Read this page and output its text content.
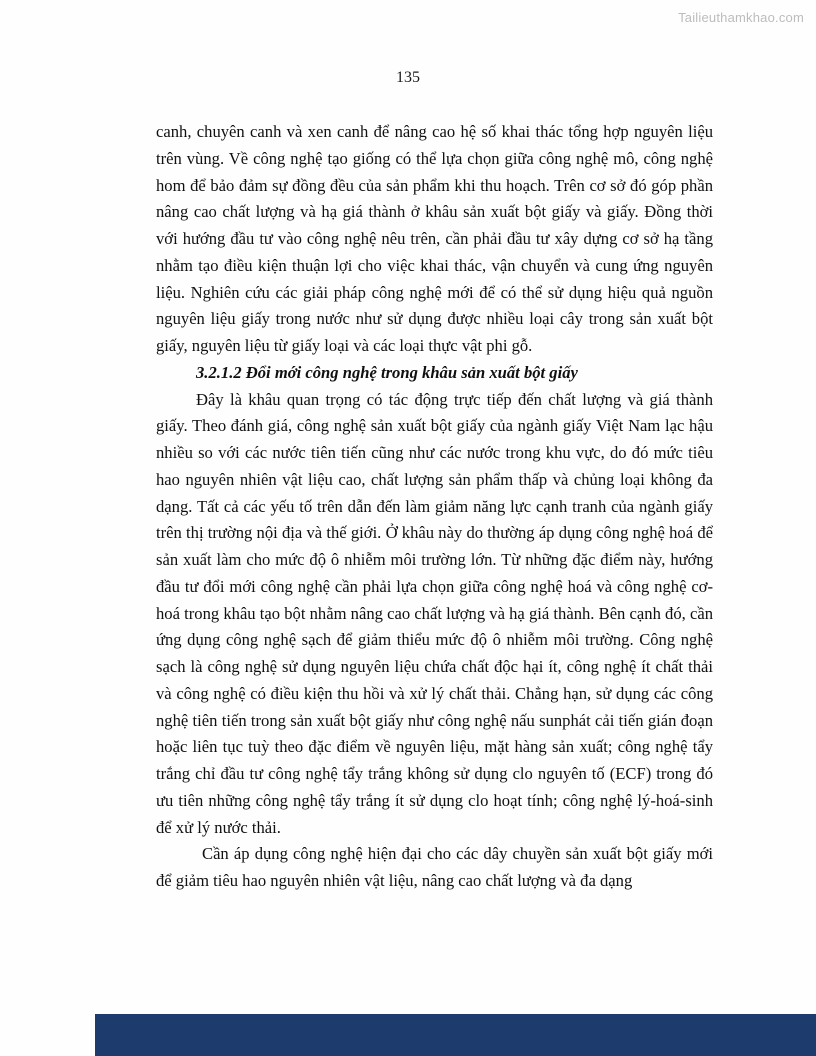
Tailieuthamkhao.com
135

canh, chuyên canh và xen canh để nâng cao hệ số khai thác tổng hợp nguyên liệu trên vùng. Về công nghệ tạo giống có thể lựa chọn giữa công nghệ mô, công nghệ hom để bảo đảm sự đồng đều của sản phẩm khi thu hoạch. Trên cơ sở đó góp phần nâng cao chất lượng và hạ giá thành ở khâu sản xuất bột giấy và giấy. Đồng thời với hướng đầu tư vào công nghệ nêu trên, cần phải đầu tư xây dựng cơ sở hạ tầng nhằm tạo điều kiện thuận lợi cho việc khai thác, vận chuyển và cung ứng nguyên liệu. Nghiên cứu các giải pháp công nghệ mới để có thể sử dụng hiệu quả nguồn nguyên liệu giấy trong nước như sử dụng được nhiều loại cây trong sản xuất bột giấy, nguyên liệu từ giấy loại và các loại thực vật phi gỗ.

3.2.1.2 Đổi mới công nghệ trong khâu sản xuất bột giấy

Đây là khâu quan trọng có tác động trực tiếp đến chất lượng và giá thành giấy. Theo đánh giá, công nghệ sản xuất bột giấy của ngành giấy Việt Nam lạc hậu nhiều so với các nước tiên tiến cũng như các nước trong khu vực, do đó mức tiêu hao nguyên nhiên vật liệu cao, chất lượng sản phẩm thấp và chủng loại không đa dạng. Tất cả các yếu tố trên dẫn đến làm giảm năng lực cạnh tranh của ngành giấy trên thị trường nội địa và thế giới. Ở khâu này do thường áp dụng công nghệ hoá để sản xuất làm cho mức độ ô nhiễm môi trường lớn. Từ những đặc điểm này, hướng đầu tư đổi mới công nghệ cần phải lựa chọn giữa công nghệ hoá và công nghệ cơ-hoá trong khâu tạo bột nhằm nâng cao chất lượng và hạ giá thành. Bên cạnh đó, cần ứng dụng công nghệ sạch để giảm thiểu mức độ ô nhiễm môi trường. Công nghệ sạch là công nghệ sử dụng nguyên liệu chứa chất độc hại ít, công nghệ ít chất thải và công nghệ có điều kiện thu hồi và xử lý chất thải. Chẳng hạn, sử dụng các công nghệ tiên tiến trong sản xuất bột giấy như công nghệ nấu sunphát cải tiến gián đoạn hoặc liên tục tuỳ theo đặc điểm về nguyên liệu, mặt hàng sản xuất; công nghệ tẩy trắng chỉ đầu tư công nghệ tẩy trắng không sử dụng clo nguyên tố (ECF) trong đó ưu tiên những công nghệ tẩy trắng ít sử dụng clo hoạt tính; công nghệ lý-hoá-sinh để xử lý nước thải.

Cần áp dụng công nghệ hiện đại cho các dây chuyền sản xuất bột giấy mới để giảm tiêu hao nguyên nhiên vật liệu, nâng cao chất lượng và đa dạng
